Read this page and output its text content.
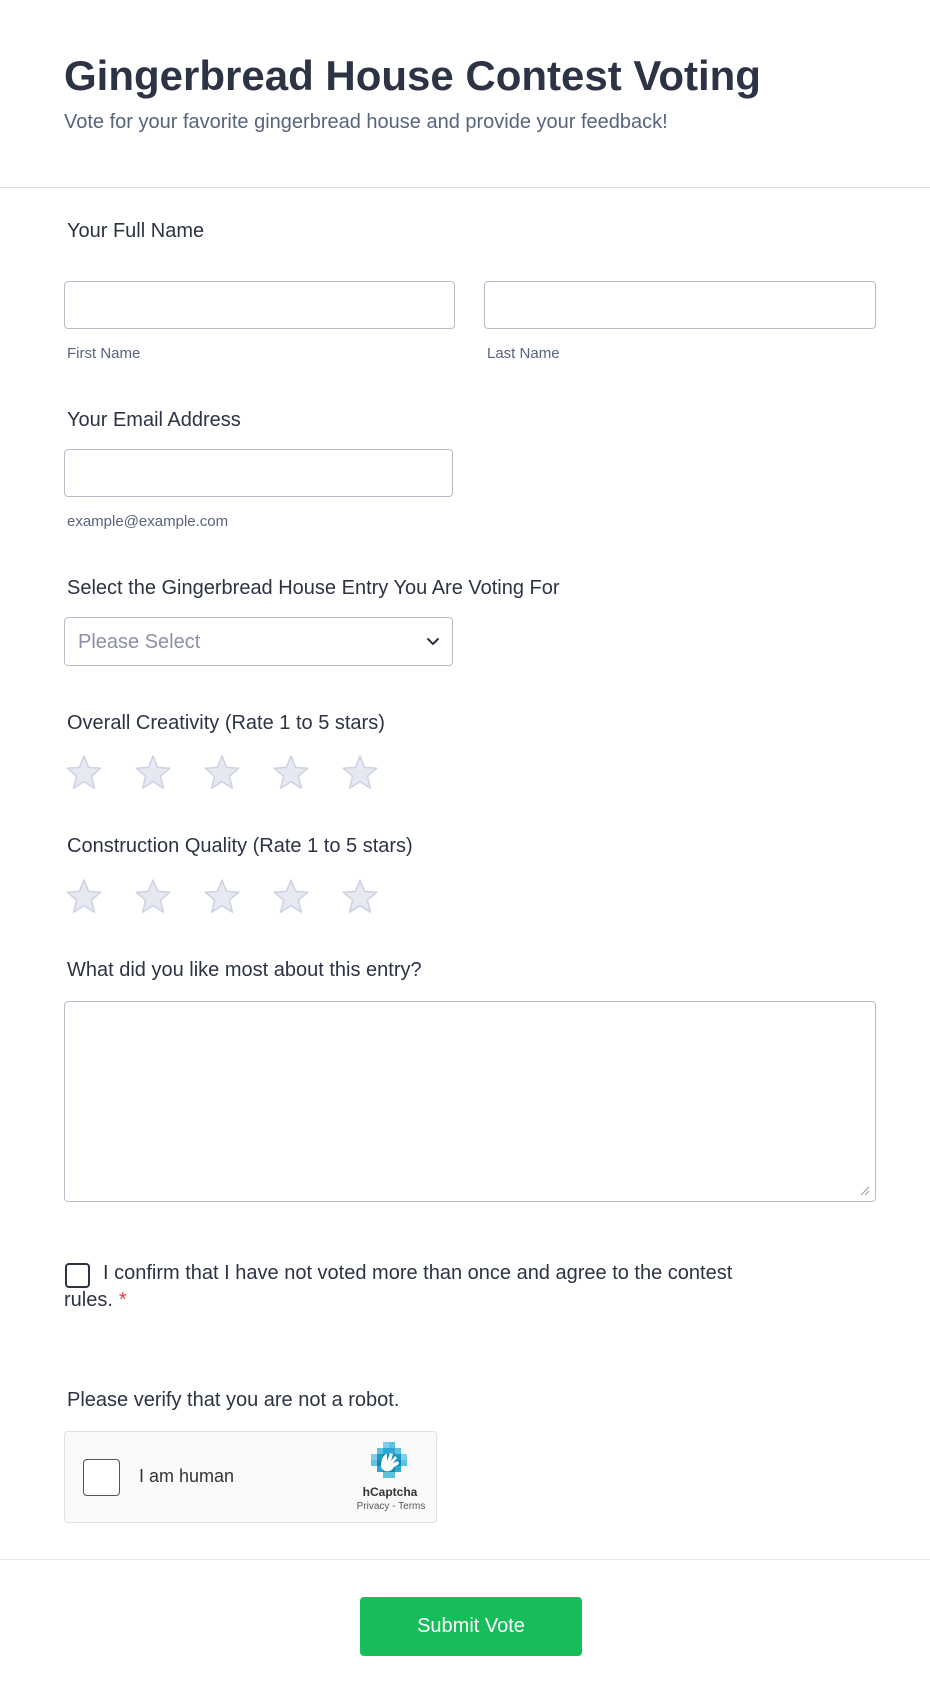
Gingerbread House Contest Voting

Vote for your favorite gingerbread house and provide your feedback!

Your Full Name
First Name	Last Name
Your Email Address
example@example.com
Select the Gingerbread House Entry You Are Voting For
Please Select
Overall Creativity (Rate 1 to 5 stars)
Construction Quality (Rate 1 to 5 stars)
What did you like most about this entry?
I confirm that I have not voted more than once and agree to the contest
rules. *
Please verify that you are not a robot.
I am human
hCaptcha
Privacy - Terms
Submit Vote
